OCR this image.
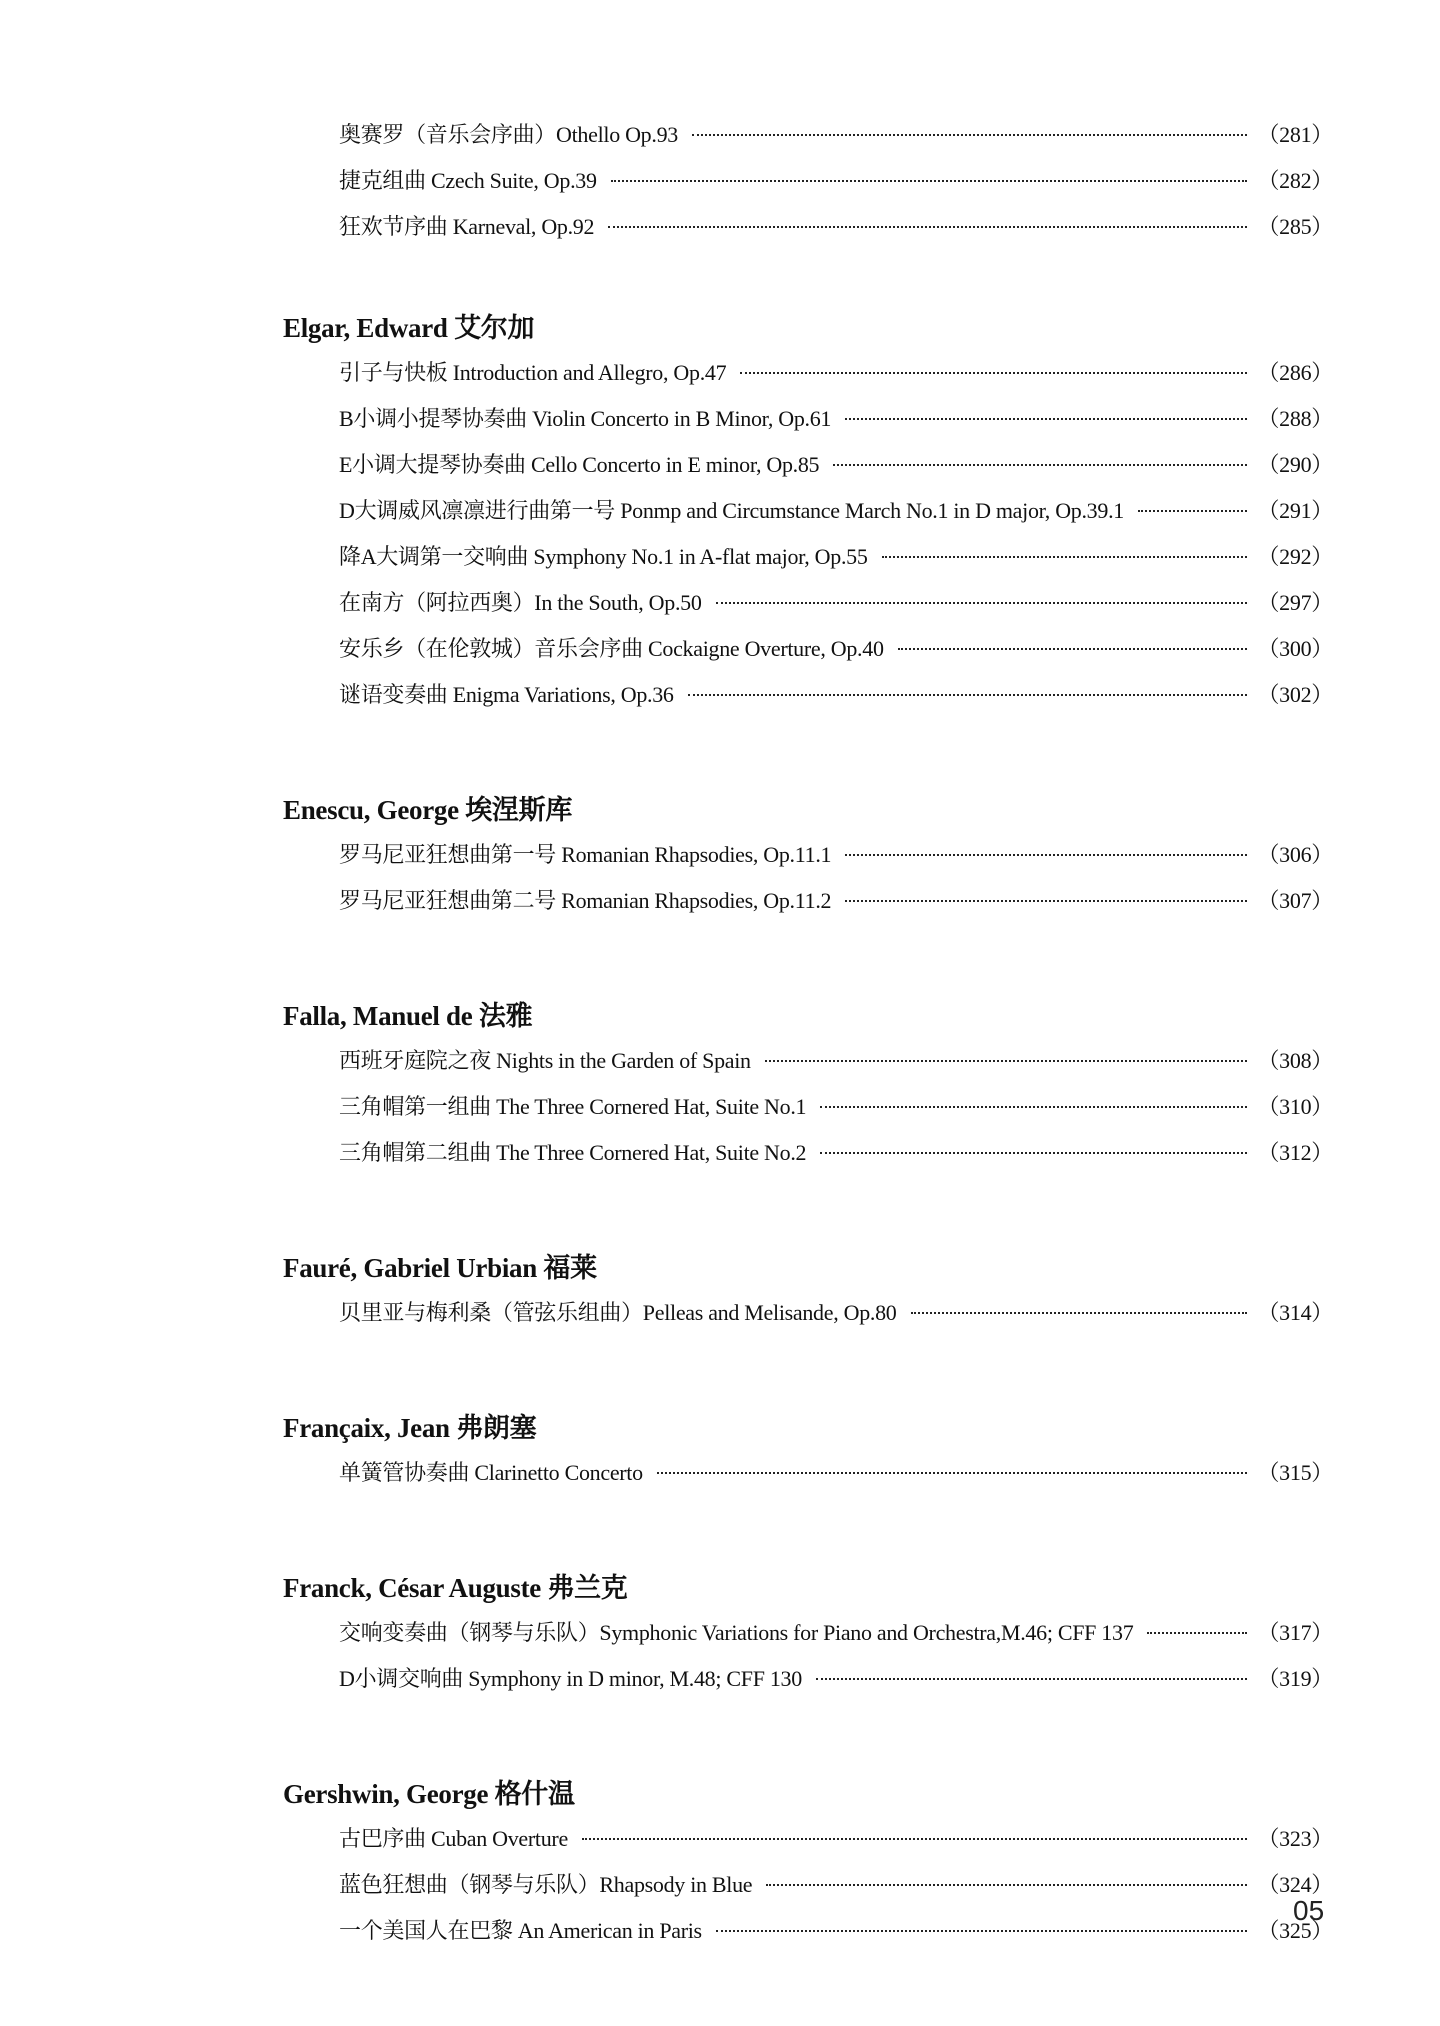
奥赛罗（音乐会序曲）Othello Op.93	（281）
捷克组曲 Czech Suite, Op.39	（282）
狂欢节序曲 Karneval, Op.92	（285）
Elgar, Edward 艾尔加
引子与快板 Introduction and Allegro, Op.47	（286）
B小调小提琴协奏曲 Violin Concerto in B Minor, Op.61	（288）
E小调大提琴协奏曲 Cello Concerto in E minor, Op.85	（290）
D大调威风凛凛进行曲第一号 Ponmp and Circumstance March No.1 in D major, Op.39.1	（291）
降A大调第一交响曲 Symphony No.1 in A-flat major, Op.55	（292）
在南方（阿拉西奥）In the South, Op.50	（297）
安乐乡（在伦敦城）音乐会序曲 Cockaigne Overture, Op.40	（300）
谜语变奏曲 Enigma Variations, Op.36	（302）
Enescu, George 埃涅斯库
罗马尼亚狂想曲第一号 Romanian Rhapsodies, Op.11.1	（306）
罗马尼亚狂想曲第二号 Romanian Rhapsodies, Op.11.2	（307）
Falla, Manuel de 法雅
西班牙庭院之夜 Nights in the Garden of Spain	（308）
三角帽第一组曲 The Three Cornered Hat, Suite No.1	（310）
三角帽第二组曲 The Three Cornered Hat, Suite No.2	（312）
Fauré, Gabriel Urbian 福莱
贝里亚与梅利桑（管弦乐组曲）Pelleas and Melisande, Op.80	（314）
Françaix, Jean 弗朗塞
单簧管协奏曲 Clarinetto Concerto	（315）
Franck, César Auguste 弗兰克
交响变奏曲（钢琴与乐队）Symphonic Variations for Piano and Orchestra,M.46; CFF 137	（317）
D小调交响曲 Symphony in D minor, M.48; CFF 130	（319）
Gershwin, George 格什温
古巴序曲 Cuban Overture	（323）
蓝色狂想曲（钢琴与乐队）Rhapsody in Blue	（324）
一个美国人在巴黎 An American in Paris	（325）
05
